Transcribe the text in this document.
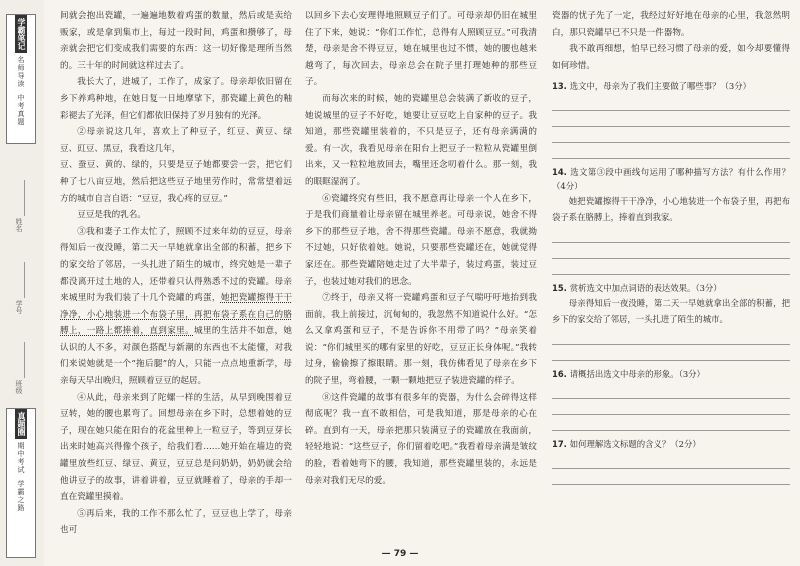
学霸笔记
名师导读
中考真题
姓名
学号
班级
真题圈
期中考试
学霸之路

间就会抱出瓷罐，一遍遍地数着鸡蛋的数量，然后或是卖给贩家，或是拿到集市上，每过一段时间，鸡蛋和攒够了，母亲就会把它们变成我们需要的东西：这一切好像是理所当然的。三十年的时间就这样过去了。

我长大了，进城了，工作了，成家了。母亲却依旧留在乡下养鸡种地，在她日复一日地摩挲下，那瓷罐上黄色的釉彩褪去了光泽，但它们都依旧保持了岁月独有的光泽。

②母亲说这几年，喜欢上了种豆子，红豆、黄豆、绿豆、豇豆、黑豆，我看这几年，

豆、蚕豆、黄的、绿的，只要是豆子她都要尝一尝，把它们种了七八亩豆地，然后把这些豆子地里劳作时，常常望着远方的城市自言自语：“豆豆，我心疼的豆豆。”

豆豆是我的乳名。

③我和妻子工作太忙了，照顾不过来年幼的豆豆，母亲得知后一夜没睡，第二天一早她就拿出全部的积蓄，把乡下的家交给了邻居，一头扎进了陌生的城市，终究她是一辈子都没离开过土地的人，还带着只认得熟悉不过的瓷罐。母亲来城里时为我们装了十几个瓷罐的鸡蛋，她把瓷罐擦得干干净净，小心地装进一个布袋子里，再把布袋子系在自己的胳膊上，一路上都捧着，直到家里。城里的生活并不如意，她认识的人不多，对颜色搭配与新潮的东西也不太能懂，对我们来说她就是一个“拖后腿”的人，只能一点点地重新学，母亲每天早出晚归，照顾着豆豆的起居。

④从此，母亲来到了陀螺一样的生活，从早到晚围着豆豆转，她的腰也累弯了。回想母亲在乡下时，总想着她的豆子，现在她只能在阳台的花盆里种上一粒豆子，等到豆芽长出来时她高兴得像个孩子，给我们看……她开始在墙边的瓷罐里放些红豆、绿豆、黄豆，豆豆总是问奶奶，奶奶就会给他讲豆子的故事，讲着讲着，豆豆就睡着了，母亲的手却一直在瓷罐里摸着。

⑤再后来，我的工作不那么忙了，豆豆也上学了，母亲也可

以回乡下去心安理得地照顾豆子们了。可母亲却仍旧在城里住了下来，她说：“你们工作忙，总得有人照顾豆豆。”可我清楚，母亲是舍不得豆豆，她在城里也过不惯，她的腰也越来越弯了，每次回去，母亲总会在院子里打理她种的那些豆子。

而每次来的时候，她的瓷罐里总会装满了新收的豆子，她说城里的豆子不好吃，她要让豆豆吃上自家种的豆子。我知道，那些瓷罐里装着的，不只是豆子，还有母亲满满的爱。有一次，我看见母亲在阳台上把豆子一粒粒从瓷罐里倒出来，又一粒粒地放回去，嘴里还念叨着什么。那一刻，我的眼眶湿润了。

⑥瓷罐终究有些旧，我不愿意再让母亲一个人在乡下，于是我们商量着让母亲留在城里养老。可母亲说，她舍不得乡下的那些豆子地，舍不得那些瓷罐。母亲不愿意，我就拗不过她，只好依着她。她说，只要那些瓷罐还在，她就觉得家还在。那些瓷罐陪她走过了大半辈子，装过鸡蛋，装过豆子，也装过她对我们的思念。

⑦终于，母亲又将一瓷罐鸡蛋和豆子气喘吁吁地抬到我面前，我上前接过，沉甸甸的，我忽然不知道说什么好。“怎么又拿鸡蛋和豆子，不是告诉你不用带了吗？”母亲笑着说：“你们城里买的哪有家里的好吃，豆豆正长身体呢。”我转过身，偷偷擦了擦眼睛。那一刻，我仿佛看见了母亲在乡下的院子里，弯着腰，一颗一颗地把豆子装进瓷罐的样子。

⑧这件瓷罐的故事有很多年的瓷器，为什么会碎得这样彻底呢？我一直不敢相信，可是我知道，那是母亲的心在碎。直到有一天，母亲把那只装满豆子的瓷罐放在我面前，轻轻地说：“这些豆子，你们留着吃吧。”我看着母亲满是皱纹的脸，看着她弯下的腰，我知道，那些瓷罐里装的，永远是母亲对我们无尽的爱。

瓷器的忧子先了一定，我经过好好地在母亲的心里，我忽然明白，那只瓷罐早已不只是一件器物。

我不敢再细想，怕早已经习惯了母亲的爱，如今却要懂得如何珍惜。

13. 选文中，母亲为了我们主要做了哪些事？（3分）
14. 选文第③段中画线句运用了哪种描写方法？有什么作用？（4分）

她把瓷罐擦得干干净净，小心地装进一个布袋子里，再把布袋子系在胳膊上，捧着直到我家。

15. 赏析选文中加点词语的表达效果。（3分）

母亲得知后一夜没睡，第二天一早她就拿出全部的积蓄，把乡下的家交给了邻居，一头扎进了陌生的城市。

16. 请概括出选文中母亲的形象。（3分）
17. 如何理解选文标题的含义？（2分）
— 79 —
